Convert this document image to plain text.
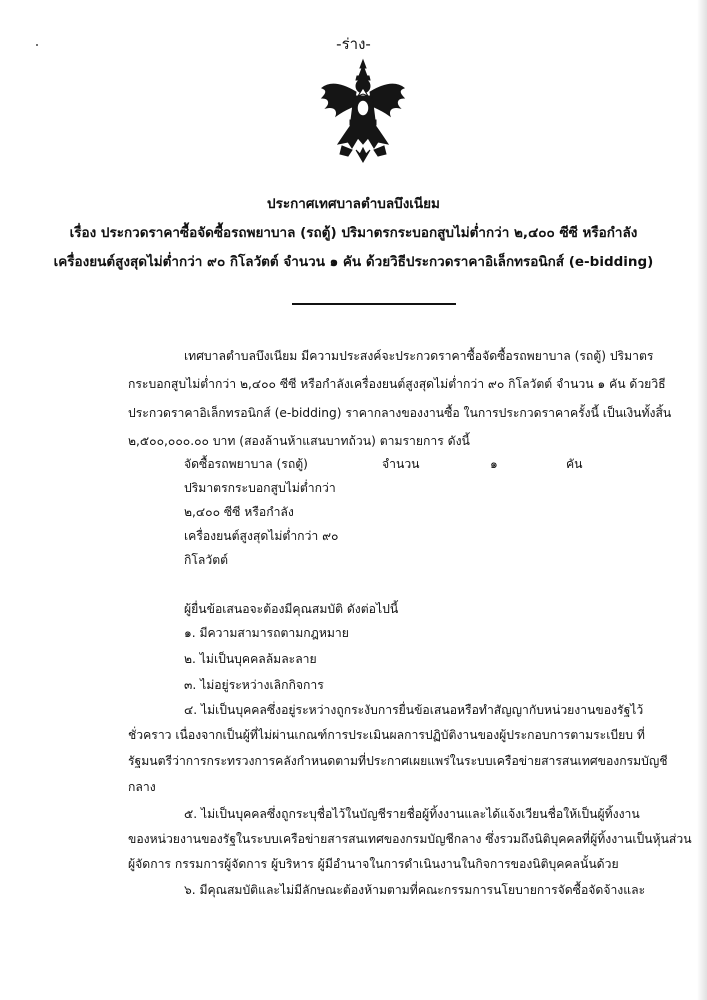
-ร่าง-
ประกาศเทศบาลตำบลบึงเนียม
เรื่อง ประกวดราคาซื้อจัดซื้อรถพยาบาล (รถตู้) ปริมาตรกระบอกสูบไม่ต่ำกว่า ๒,๔๐๐ ซีซี หรือกำลัง
เครื่องยนต์สูงสุดไม่ต่ำกว่า ๙๐ กิโลวัตต์ จำนวน ๑ คัน ด้วยวิธีประกวดราคาอิเล็กทรอนิกส์ (e-bidding)
เทศบาลตำบลบึงเนียม มีความประสงค์จะประกวดราคาซื้อจัดซื้อรถพยาบาล (รถตู้) ปริมาตร
กระบอกสูบไม่ต่ำกว่า ๒,๔๐๐ ซีซี หรือกำลังเครื่องยนต์สูงสุดไม่ต่ำกว่า ๙๐ กิโลวัตต์ จำนวน ๑ คัน ด้วยวิธี
ประกวดราคาอิเล็กทรอนิกส์ (e-bidding) ราคากลางของงานซื้อ ในการประกวดราคาครั้งนี้ เป็นเงินทั้งสิ้น
๒,๕๐๐,๐๐๐.๐๐ บาท (สองล้านห้าแสนบาทถ้วน) ตามรายการ ดังนี้
จัดซื้อรถพยาบาล (รถตู้)
ปริมาตรกระบอกสูบไม่ต่ำกว่า
๒,๔๐๐ ซีซี หรือกำลัง
เครื่องยนต์สูงสุดไม่ต่ำกว่า ๙๐
กิโลวัตต์
จำนวน	๑	คัน
ผู้ยื่นข้อเสนอจะต้องมีคุณสมบัติ ดังต่อไปนี้
๑. มีความสามารถตามกฎหมาย
๒. ไม่เป็นบุคคลล้มละลาย
๓. ไม่อยู่ระหว่างเลิกกิจการ
๔. ไม่เป็นบุคคลซึ่งอยู่ระหว่างถูกระงับการยื่นข้อเสนอหรือทำสัญญากับหน่วยงานของรัฐไว้
ชั่วคราว เนื่องจากเป็นผู้ที่ไม่ผ่านเกณฑ์การประเมินผลการปฏิบัติงานของผู้ประกอบการตามระเบียบ ที่
รัฐมนตรีว่าการกระทรวงการคลังกำหนดตามที่ประกาศเผยแพร่ในระบบเครือข่ายสารสนเทศของกรมบัญชี
กลาง
๕. ไม่เป็นบุคคลซึ่งถูกระบุชื่อไว้ในบัญชีรายชื่อผู้ทิ้งงานและได้แจ้งเวียนชื่อให้เป็นผู้ทิ้งงาน
ของหน่วยงานของรัฐในระบบเครือข่ายสารสนเทศของกรมบัญชีกลาง ซึ่งรวมถึงนิติบุคคลที่ผู้ทิ้งงานเป็นหุ้นส่วน
ผู้จัดการ กรรมการผู้จัดการ ผู้บริหาร ผู้มีอำนาจในการดำเนินงานในกิจการของนิติบุคคลนั้นด้วย
๖. มีคุณสมบัติและไม่มีลักษณะต้องห้ามตามที่คณะกรรมการนโยบายการจัดซื้อจัดจ้างและ
